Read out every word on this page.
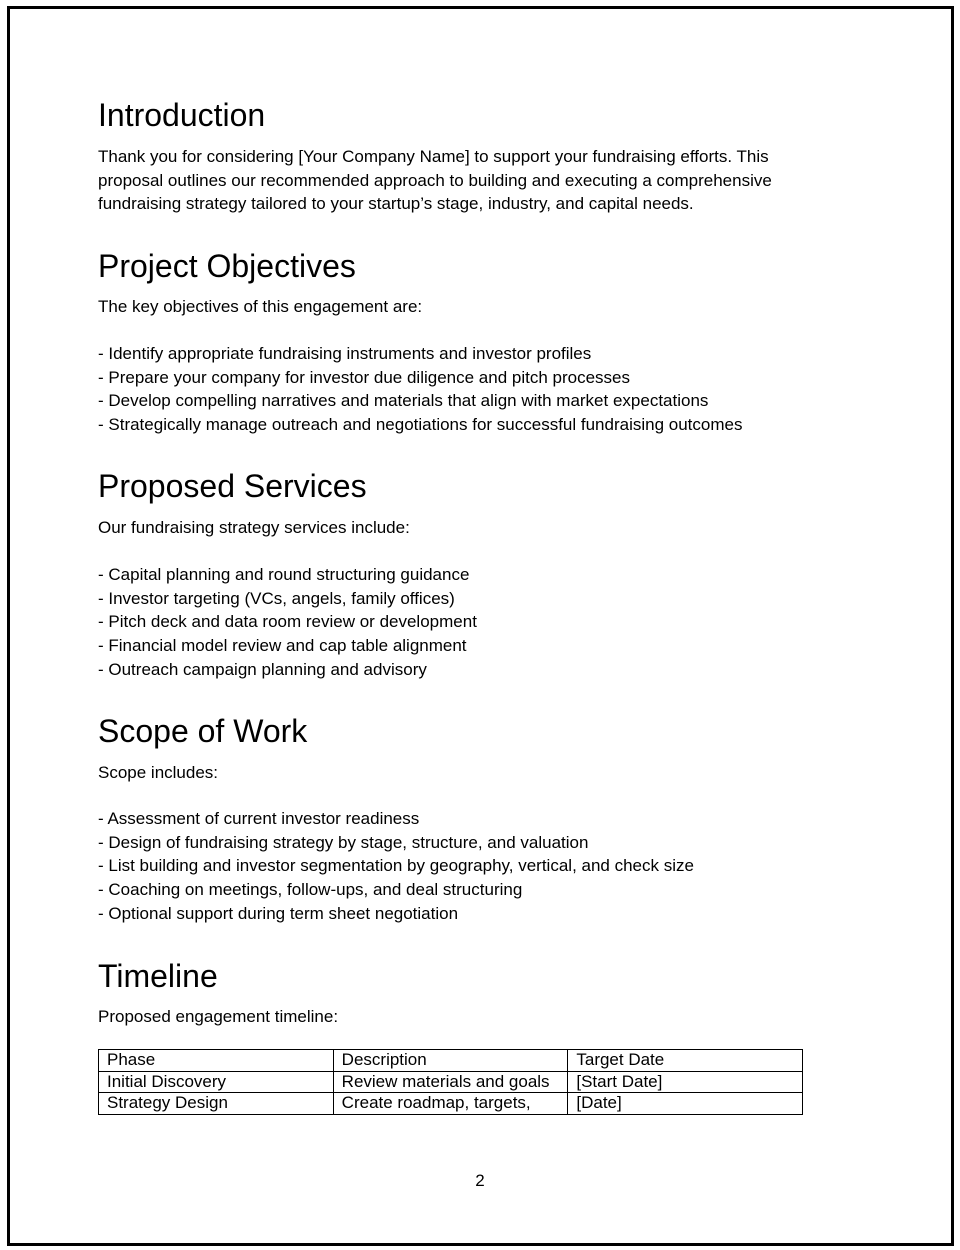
Introduction

Thank you for considering [Your Company Name] to support your fundraising efforts. This proposal outlines our recommended approach to building and executing a comprehensive fundraising strategy tailored to your startup’s stage, industry, and capital needs.

Project Objectives

The key objectives of this engagement are:

- Identify appropriate fundraising instruments and investor profiles
- Prepare your company for investor due diligence and pitch processes
- Develop compelling narratives and materials that align with market expectations
- Strategically manage outreach and negotiations for successful fundraising outcomes
Proposed Services

Our fundraising strategy services include:

- Capital planning and round structuring guidance
- Investor targeting (VCs, angels, family offices)
- Pitch deck and data room review or development
- Financial model review and cap table alignment
- Outreach campaign planning and advisory
Scope of Work

Scope includes:

- Assessment of current investor readiness
- Design of fundraising strategy by stage, structure, and valuation
- List building and investor segmentation by geography, vertical, and check size
- Coaching on meetings, follow-ups, and deal structuring
- Optional support during term sheet negotiation
Timeline

Proposed engagement timeline:

Phase	Description	Target Date
Initial Discovery	Review materials and goals	[Start Date]
Strategy Design	Create roadmap, targets,	[Date]
2
